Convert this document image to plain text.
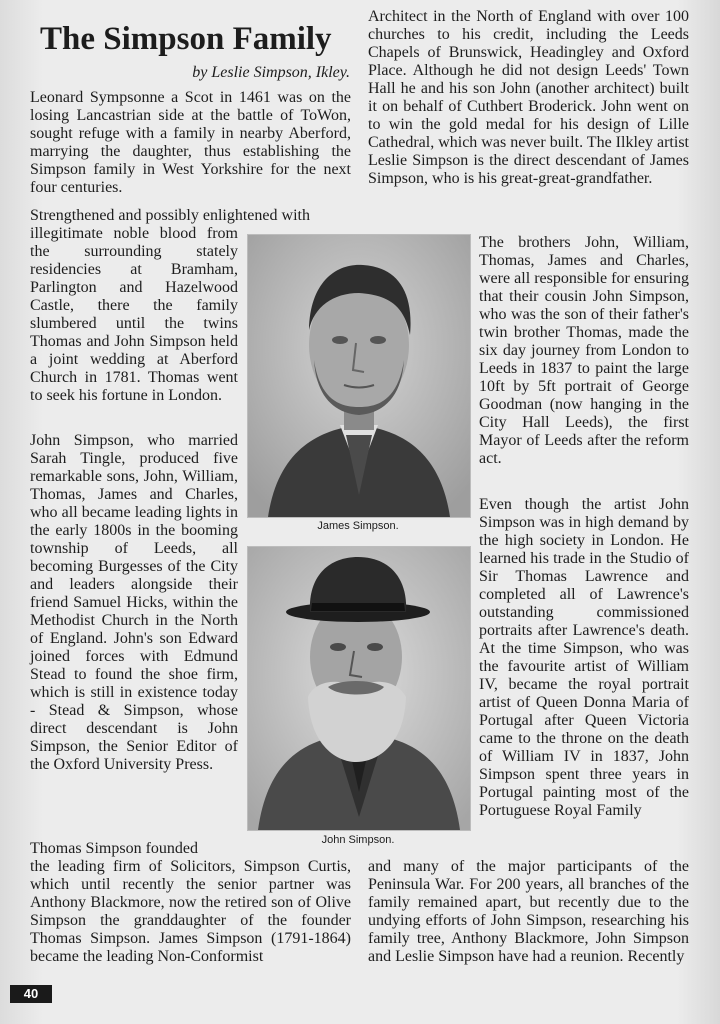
The Simpson Family
by Leslie Simpson, Ikley.

Leonard Sympsonne a Scot in 1461 was on the losing Lancastrian side at the battle of ToWon, sought refuge with a family in nearby Aberford, marrying the daughter, thus establishing the Simpson family in West Yorkshire for the next four centuries.

Strengthened and possibly enlightened with

illegitimate noble blood from the surrounding stately residencies at Bramham, Parlington and Hazelwood Castle, there the family slumbered until the twins Thomas and John Simpson held a joint wedding at Aberford Church in 1781. Thomas went to seek his fortune in London.

John Simpson, who married Sarah Tingle, produced five remarkable sons, John, William, Thomas, James and Charles, who all became leading lights in the early 1800s in the booming township of Leeds, all becoming Burgesses of the City and leaders alongside their friend Samuel Hicks, within the Methodist Church in the North of England. John's son Edward joined forces with Edmund Stead to found the shoe firm, which is still in existence today - Stead & Simpson, whose direct descendant is John Simpson, the Senior Editor of the Oxford University Press.

Thomas Simpson founded

the leading firm of Solicitors, Simpson Curtis, which until recently the senior partner was Anthony Blackmore, now the retired son of Olive Simpson the granddaughter of the founder Thomas Simpson. James Simpson (1791-1864) became the leading Non-Conformist

Architect in the North of England with over 100 churches to his credit, including the Leeds Chapels of Brunswick, Headingley and Oxford Place. Although he did not design Leeds' Town Hall he and his son John (another architect) built it on behalf of Cuthbert Broderick. John went on to win the gold medal for his design of Lille Cathedral, which was never built. The Ilkley artist Leslie Simpson is the direct descendant of James Simpson, who is his great-great-grandfather.

The brothers John, William, Thomas, James and Charles, were all responsible for ensuring that their cousin John Simpson, who was the son of their father's twin brother Thomas, made the six day journey from London to Leeds in 1837 to paint the large 10ft by 5ft portrait of George Goodman (now hanging in the City Hall Leeds), the first Mayor of Leeds after the reform act.

Even though the artist John Simpson was in high demand by the high society in London. He learned his trade in the Studio of Sir Thomas Lawrence and completed all of Lawrence's outstanding commissioned portraits after Lawrence's death. At the time Simpson, who was the favourite artist of William IV, became the royal portrait artist of Queen Donna Maria of Portugal after Queen Victoria came to the throne on the death of William IV in 1837, John Simpson spent three years in Portugal painting most of the Portuguese Royal Family

and many of the major participants of the Peninsula War. For 200 years, all branches of the family remained apart, but recently due to the undying efforts of John Simpson, researching his family tree, Anthony Blackmore, John Simpson and Leslie Simpson have had a reunion. Recently

James Simpson.
John Simpson.
40
